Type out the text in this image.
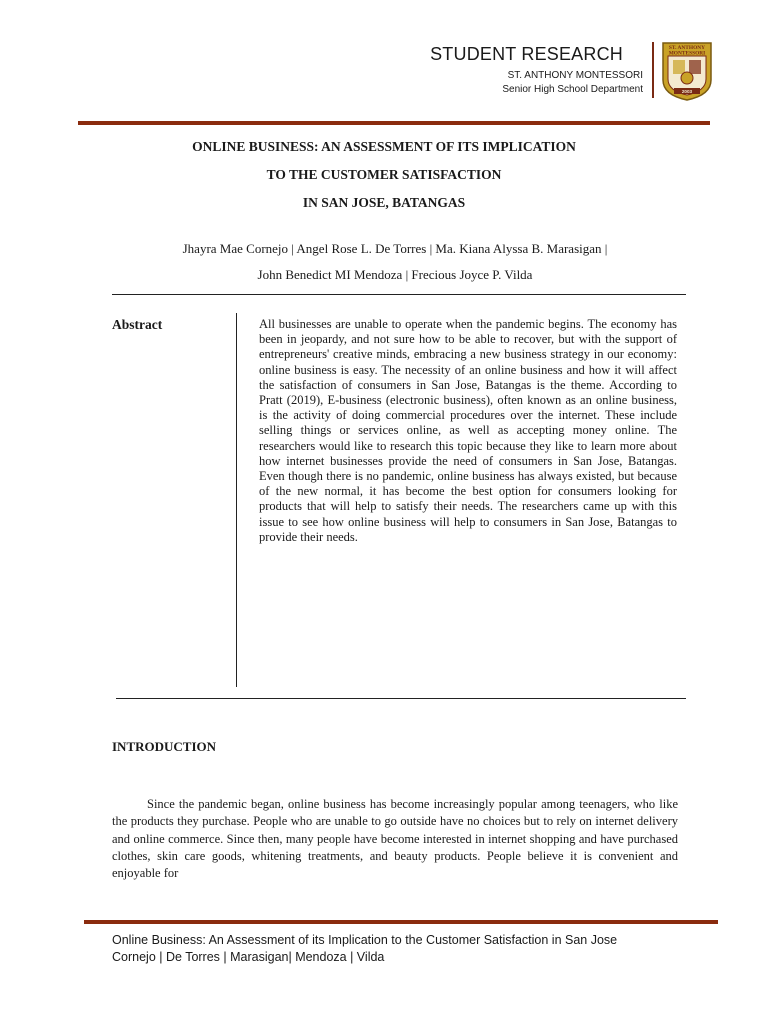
STUDENT RESEARCH
ST. ANTHONY MONTESSORI
Senior High School Department
ST. ANTHONY
MONTESSORI
2003
ONLINE BUSINESS: AN ASSESSMENT OF ITS IMPLICATION
TO THE CUSTOMER SATISFACTION
IN SAN JOSE, BATANGAS
Jhayra Mae Cornejo | Angel Rose L. De Torres | Ma. Kiana Alyssa B. Marasigan |
John Benedict MI Mendoza | Frecious Joyce P. Vilda
Abstract	All businesses are unable to operate when the pandemic begins. The economy has been in jeopardy, and not sure how to be able to recover, but with the support of entrepreneurs' creative minds, embracing a new business strategy in our economy: online business is easy. The necessity of an online business and how it will affect the satisfaction of consumers in San Jose, Batangas is the theme. According to Pratt (2019), E-business (electronic business), often known as an online business, is the activity of doing commercial procedures over the internet. These include selling things or services online, as well as accepting money online. The researchers would like to research this topic because they like to learn more about how internet businesses provide the need of consumers in San Jose, Batangas. Even though there is no pandemic, online business has always existed, but because of the new normal, it has become the best option for consumers looking for products that will help to satisfy their needs. The researchers came up with this issue to see how online business will help to consumers in San Jose, Batangas to provide their needs.
INTRODUCTION
Since the pandemic began, online business has become increasingly popular among teenagers, who like the products they purchase. People who are unable to go outside have no choices but to rely on internet delivery and online commerce. Since then, many people have become interested in internet shopping and have purchased clothes, skin care goods, whitening treatments, and beauty products. People believe it is convenient and enjoyable for
Online Business: An Assessment of its Implication to the Customer Satisfaction in San Jose
Cornejo | De Torres | Marasigan| Mendoza | Vilda
